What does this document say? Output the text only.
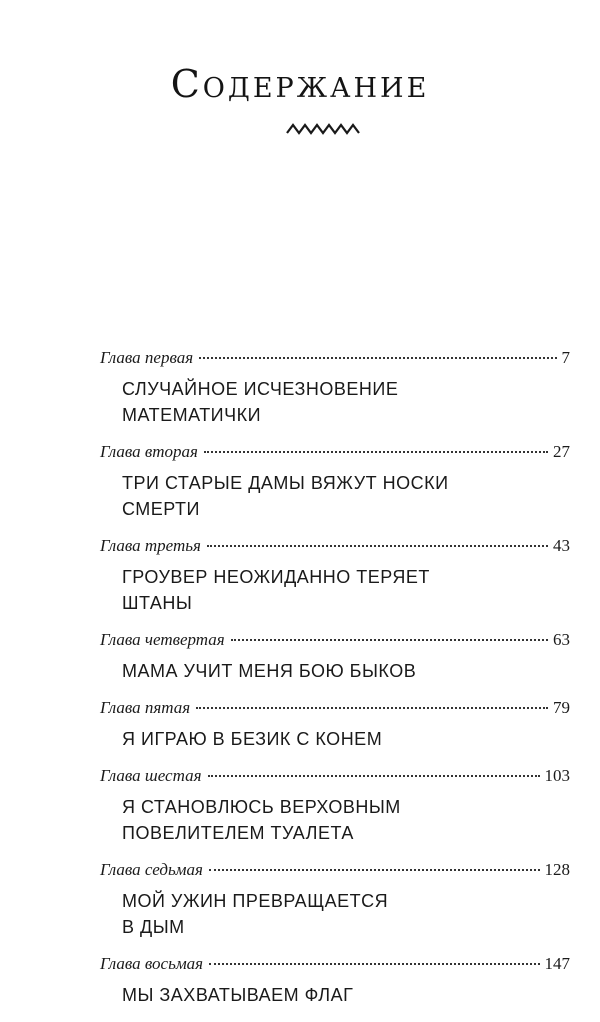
Содержание
Глава первая	7
СЛУЧАЙНОЕ ИСЧЕЗНОВЕНИЕ
МАТЕМАТИЧКИ
Глава вторая	27
ТРИ СТАРЫЕ ДАМЫ ВЯЖУТ НОСКИ
СМЕРТИ
Глава третья	43
ГРОУВЕР НЕОЖИДАННО ТЕРЯЕТ
ШТАНЫ
Глава четвертая	63
МАМА УЧИТ МЕНЯ БОЮ БЫКОВ
Глава пятая	79
Я ИГРАЮ В БЕЗИК С КОНЕМ
Глава шестая	103
Я СТАНОВЛЮСЬ ВЕРХОВНЫМ
ПОВЕЛИТЕЛЕМ ТУАЛЕТА
Глава седьмая	128
МОЙ УЖИН ПРЕВРАЩАЕТСЯ
В ДЫМ
Глава восьмая	147
МЫ ЗАХВАТЫВАЕМ ФЛАГ
